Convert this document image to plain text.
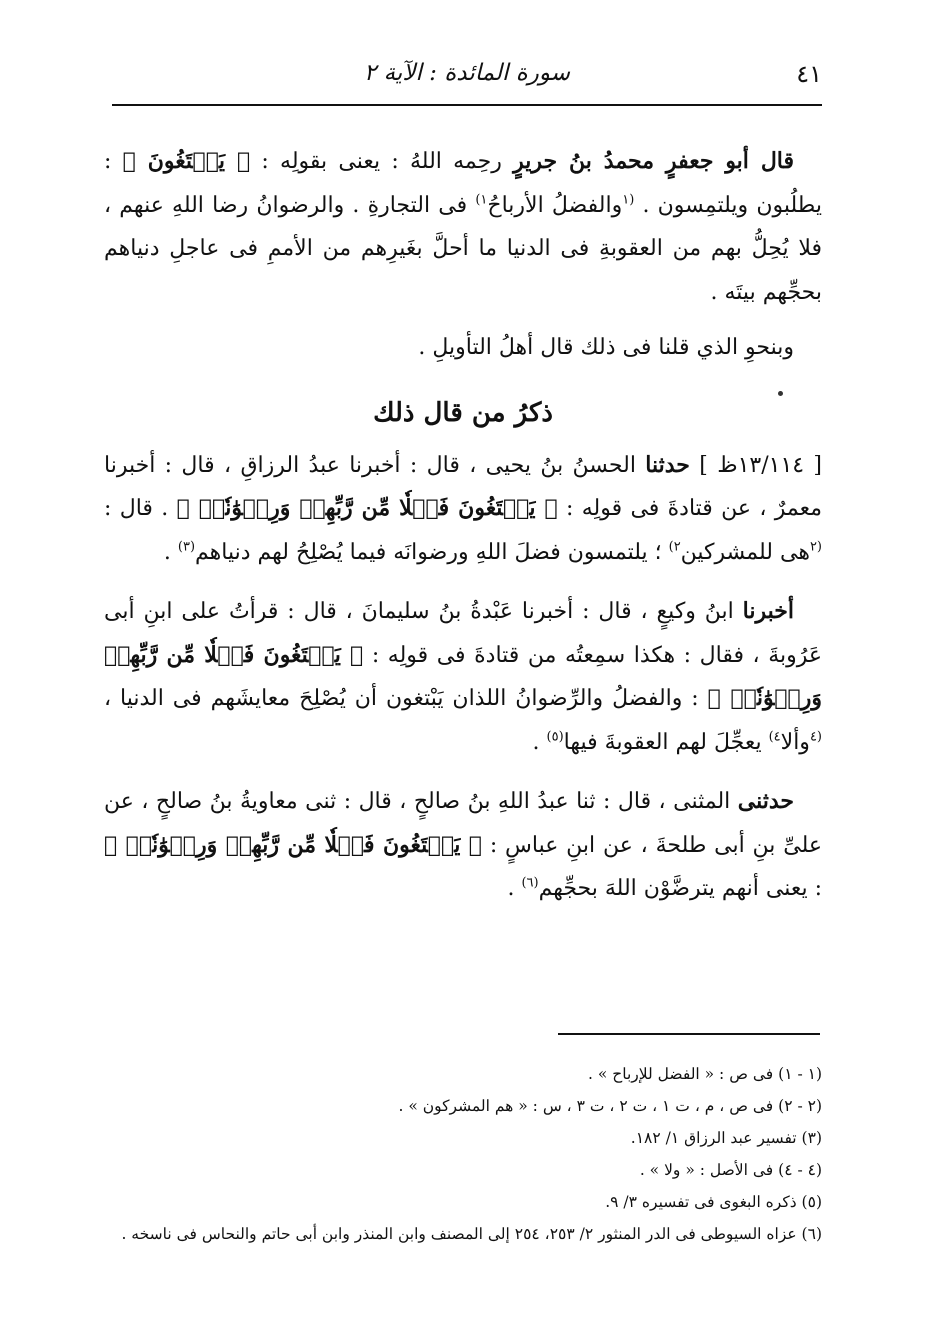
٤١
سورة المائدة : الآية ٢

قال أبو جعفرٍ محمدُ بنُ جريرٍ رحِمه اللهُ : يعنى بقولِه : ﴿ يَبۡتَغُونَ ﴾ : يطلُبون ويلتمِسون . $^{(١}$والفضلُ الأرباحُ$^{١)}$ فى التجارةِ . والرضوانُ رضا اللهِ عنهم ، فلا يُحِلُّ بهم من العقوبةِ فى الدنيا ما أحلَّ بغَيرِهم من الأممِ فى عاجلِ دنياهم بحجِّهم بيتَه .

وبنحوِ الذي قلنا فى ذلك قال أهلُ التأويلِ .

ذكرُ من قال ذلك

[ ١٣/١١٤ظ ] حدثنا الحسنُ بنُ يحيى ، قال : أخبرنا عبدُ الرزاقِ ، قال : أخبرنا معمرٌ ، عن قتادةَ فى قولِه : ﴿ يَبۡتَغُونَ فَضۡلٗا مِّن رَّبِّهِمۡ وَرِضۡوَٰنٗاۚ ﴾ . قال : $^{(٢}$هى للمشركين$^{٢)}$ ؛ يلتمسون فضلَ اللهِ ورضوانَه فيما يُصْلِحُ لهم دنياهم$^{(٣)}$ .

أخبرنا ابنُ وكيعٍ ، قال : أخبرنا عَبْدةُ بنُ سليمانَ ، قال : قرأتُ على ابنِ أبى عَرُوبةَ ، فقال : هكذا سمِعتُه من قتادةَ فى قولِه : ﴿ يَبۡتَغُونَ فَضۡلٗا مِّن رَّبِّهِمۡ وَرِضۡوَٰنٗاۚ ﴾ : والفضلُ والرِّضوانُ اللذان يَبْتغون أن يُصْلِحَ معايشَهم فى الدنيا ، $^{(٤}$وألا$^{٤)}$ يعجِّلَ لهم العقوبةَ فيها$^{(٥)}$ .

حدثنى المثنى ، قال : ثنا عبدُ اللهِ بنُ صالحٍ ، قال : ثنى معاويةُ بنُ صالحٍ ، عن علىِّ بنِ أبى طلحةَ ، عن ابنِ عباسٍ : ﴿ يَبۡتَغُونَ فَضۡلٗا مِّن رَّبِّهِمۡ وَرِضۡوَٰنٗاۚ ﴾ : يعنى أنهم يترضَّوْن اللهَ بحجِّهم$^{(٦)}$ .

(١ - ١) فى ص : « الفضل للإرباح » .

(٢ - ٢) فى ص ، م ، ت ١ ، ت ٢ ، ت ٣ ، س : « هم المشركون » .

(٣) تفسير عبد الرزاق ١/ ١٨٢.

(٤ - ٤) فى الأصل : « ولا » .

(٥) ذكره البغوى فى تفسيره ٣/ ٩.

(٦) عزاه السيوطى فى الدر المنثور ٢/ ٢٥٣، ٢٥٤ إلى المصنف وابن المنذر وابن أبى حاتم والنحاس فى ناسخه .
